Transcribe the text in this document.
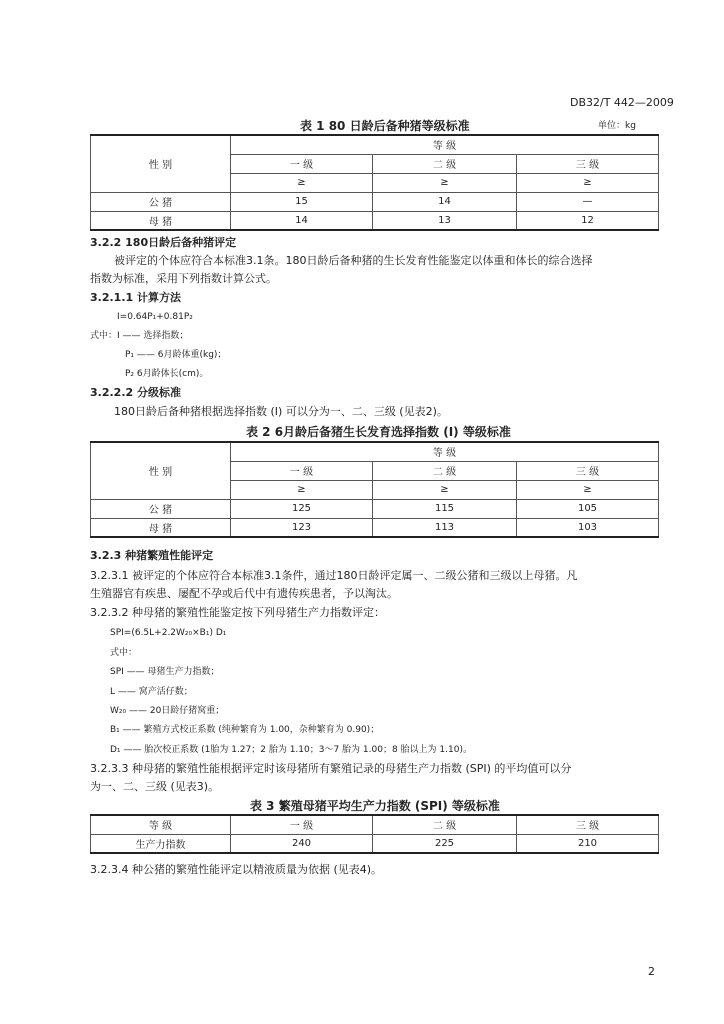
DB32/T 442—2009
表 1 80 日龄后备种猪等级标准	单位：kg
性 别	等 级		
	一 级	二 级	三 级
	≥	≥	≥
公 猪	15	14	—
母 猪	14	13	12
3.2.2 180日龄后备种猪评定
被评定的个体应符合本标准3.1条。180日龄后备种猪的生长发育性能鉴定以体重和体长的综合选择
指数为标准，采用下列指数计算公式。
3.2.1.1 计算方法
I=0.64P₁+0.81P₂
式中：I —— 选择指数；
P₁ —— 6月龄体重(kg)；
P₂ 6月龄体长(cm)。
3.2.2.2 分级标准
180日龄后备种猪根据选择指数 (I) 可以分为一、二、三级 (见表2)。
表 2 6月龄后备猪生长发育选择指数 (I) 等级标准
性 别	等 级		
	一 级	二 级	三 级
	≥	≥	≥
公 猪	125	115	105
母 猪	123	113	103
3.2.3 种猪繁殖性能评定
3.2.3.1 被评定的个体应符合本标准3.1条件，通过180日龄评定属一、二级公猪和三级以上母猪。凡
生殖器官有疾患、屡配不孕或后代中有遗传疾患者，予以淘汰。
3.2.3.2 种母猪的繁殖性能鉴定按下列母猪生产力指数评定：
SPI=(6.5L+2.2W₂₀×B₁) D₁
式中：
SPI —— 母猪生产力指数；
L —— 窝产活仔数；
W₂₀ —— 20日龄仔猪窝重；
B₁ —— 繁殖方式校正系数 (纯种繁育为 1.00，杂种繁育为 0.90)；
D₁ —— 胎次校正系数 (1胎为 1.27；2 胎为 1.10；3～7 胎为 1.00；8 胎以上为 1.10)。
3.2.3.3 种母猪的繁殖性能根据评定时该母猪所有繁殖记录的母猪生产力指数 (SPI) 的平均值可以分
为一、二、三级 (见表3)。
表 3 繁殖母猪平均生产力指数 (SPI) 等级标准
等 级	一 级	二 级	三 级
生产力指数	240	225	210
3.2.3.4 种公猪的繁殖性能评定以精液质量为依据 (见表4)。
2
